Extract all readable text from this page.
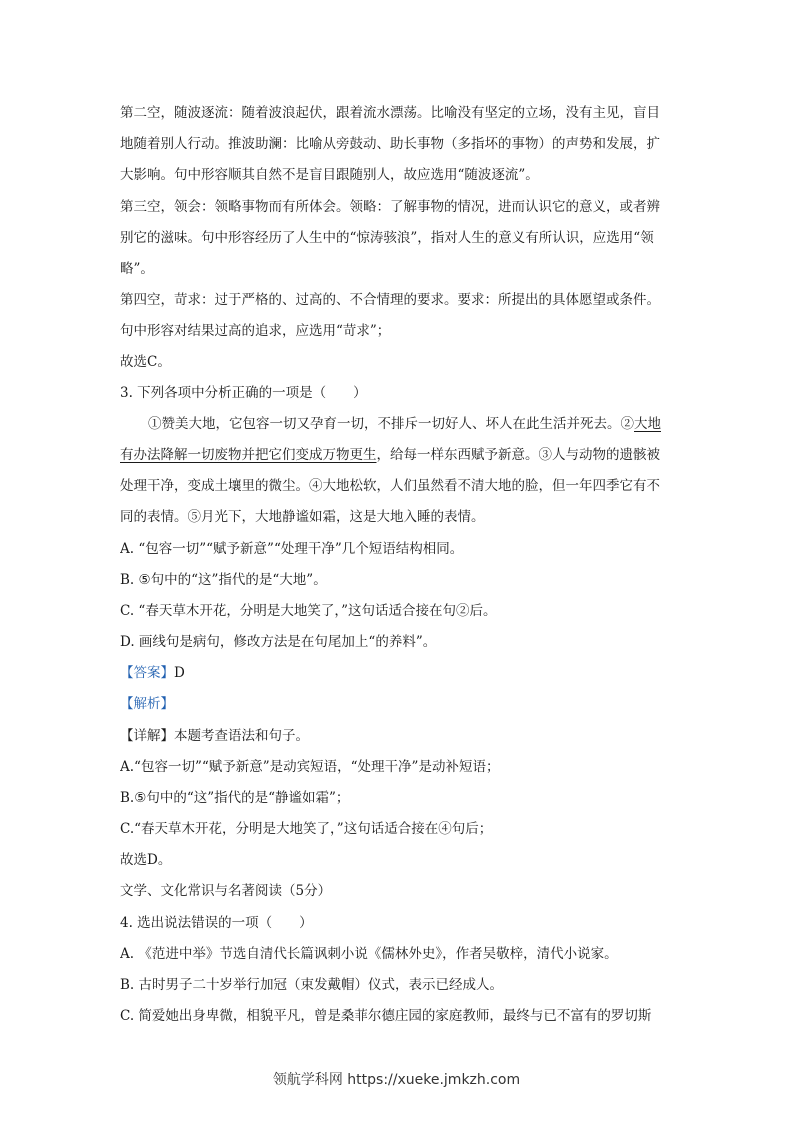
第二空，随波逐流：随着波浪起伏，跟着流水漂荡。比喻没有坚定的立场，没有主见，盲目
地随着别人行动。推波助澜：比喻从旁鼓动、助长事物（多指坏的事物）的声势和发展，扩
大影响。句中形容顺其自然不是盲目跟随别人，故应选用“随波逐流”。
第三空，领会：领略事物而有所体会。领略：了解事物的情况，进而认识它的意义，或者辨
别它的滋味。句中形容经历了人生中的“惊涛骇浪”，指对人生的意义有所认识，应选用“领
略”。
第四空，苛求：过于严格的、过高的、不合情理的要求。要求：所提出的具体愿望或条件。
句中形容对结果过高的追求，应选用“苛求”；
故选C。
3. 下列各项中分析正确的一项是（　　）
①赞美大地，它包容一切又孕育一切，不排斥一切好人、坏人在此生活并死去。②大地
有办法降解一切废物并把它们变成万物更生，给每一样东西赋予新意。③人与动物的遗骸被
处理干净，变成土壤里的微尘。④大地松软，人们虽然看不清大地的脸，但一年四季它有不
同的表情。⑤月光下，大地静谧如霜，这是大地入睡的表情。
A. “包容一切”“赋予新意”“处理干净”几个短语结构相同。
B. ⑤句中的“这”指代的是“大地”。
C. “春天草木开花，分明是大地笑了，”这句话适合接在句②后。
D. 画线句是病句，修改方法是在句尾加上“的养料”。
【答案】D
【解析】
【详解】本题考查语法和句子。
A.“包容一切”“赋予新意”是动宾短语，“处理干净”是动补短语；
B.⑤句中的“这”指代的是“静谧如霜”；
C.“春天草木开花，分明是大地笑了，”这句话适合接在④句后；
故选D。
文学、文化常识与名著阅读（5分）
4. 选出说法错误的一项（　　）
A. 《范进中举》节选自清代长篇讽刺小说《儒林外史》，作者吴敬梓，清代小说家。
B. 古时男子二十岁举行加冠（束发戴帽）仪式，表示已经成人。
C. 简爱她出身卑微，相貌平凡，曾是桑菲尔德庄园的家庭教师，最终与已不富有的罗切斯
领航学科网 https://xueke.jmkzh.com
